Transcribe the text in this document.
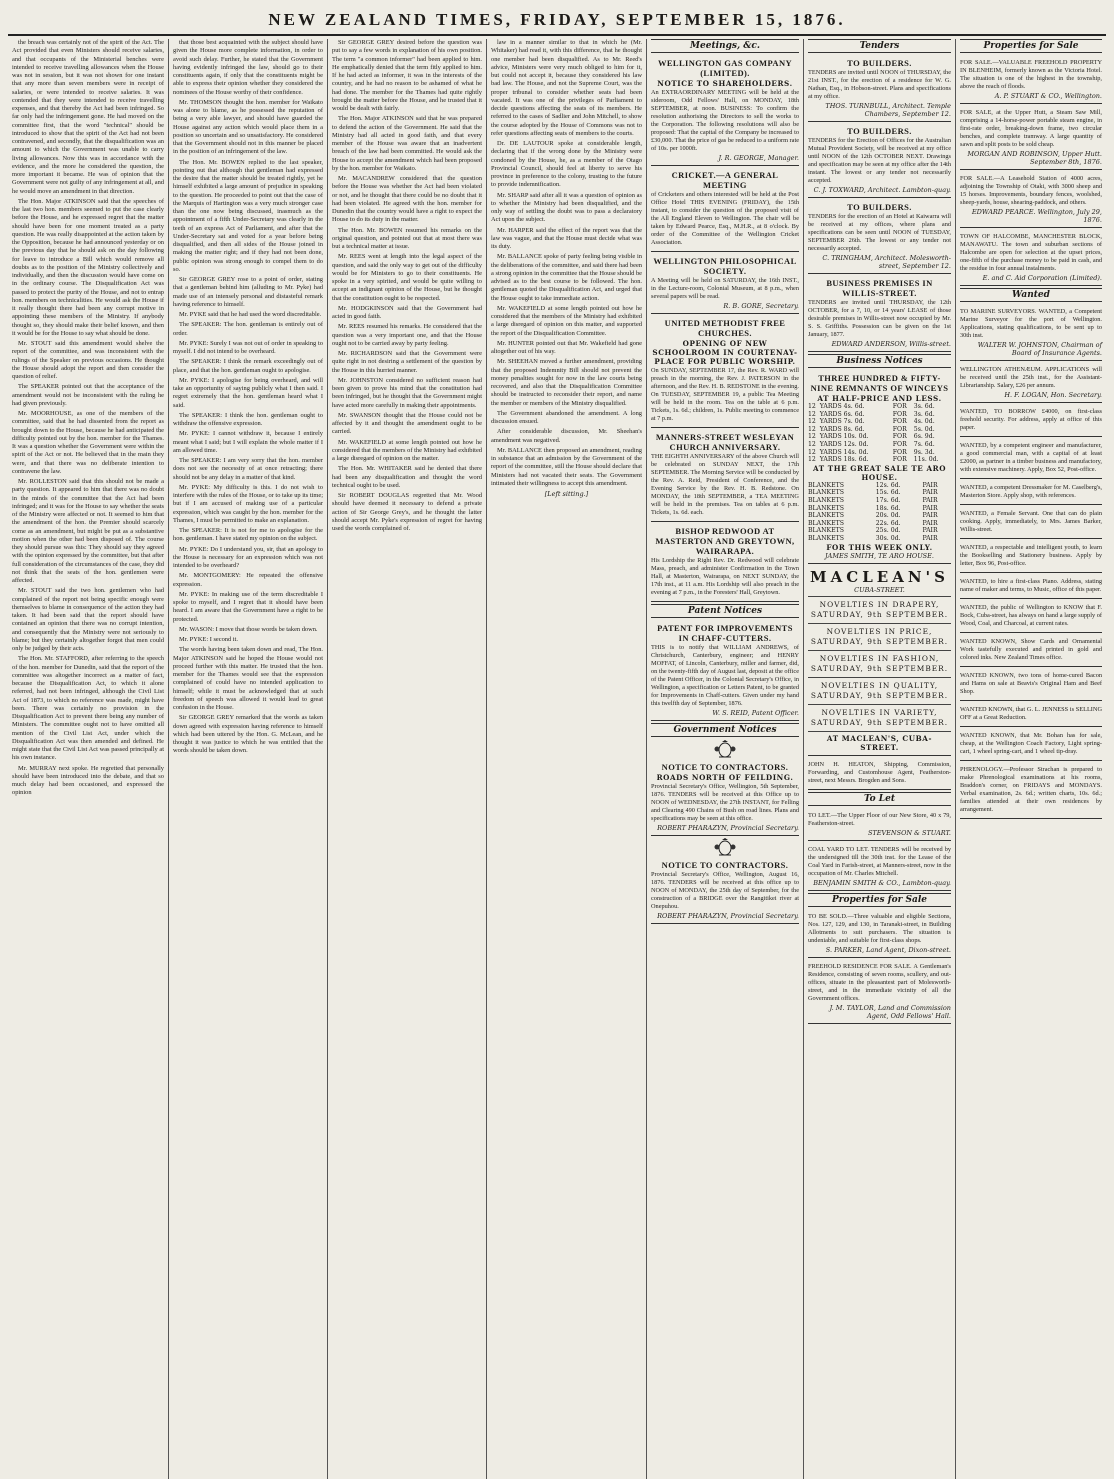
NEW ZEALAND TIMES, FRIDAY, SEPTEMBER 15, 1876.

the breach was certainly not of the spirit of the Act. The Act provided that even Ministers should receive salaries, and that occupants of the Ministerial benches were intended to receive travelling allowances when the House was not in session, but it was not shown for one instant that any more than seven members were in receipt of salaries, or were intended to receive salaries. It was contended that they were intended to receive travelling expenses, and that thereby the Act had been infringed. So far only had the infringement gone. He had moved on the committee first, that the word "technical" should be introduced to show that the spirit of the Act had not been contravened, and secondly, that the disqualification was an amount to which the Government was unable to carry living allowances. Now this was in accordance with the evidence, and the more he considered the question, the more important it became. He was of opinion that the Government were not guilty of any infringement at all, and he would move an amendment in that direction.

The Hon. Major ATKINSON said that the speeches of the last two hon. members seemed to put the case clearly before the House, and he expressed regret that the matter should have been for one moment treated as a party question. He was really disappointed at the action taken by the Opposition, because he had announced yesterday or on the previous day that he should ask on the day following for leave to introduce a Bill which would remove all doubts as to the position of the Ministry collectively and individually, and then the discussion would have come on in the ordinary course. The Disqualification Act was passed to protect the purity of the House, and not to entrap hon. members on technicalities. He would ask the House if it really thought there had been any corrupt motive in appointing these members of the Ministry. If anybody thought so, they should make their belief known, and then it would be for the House to say what should be done.

Mr. STOUT said this amendment would shelve the report of the committee, and was inconsistent with the rulings of the Speaker on previous occasions. He thought the House should adopt the report and then consider the question of relief.

The SPEAKER pointed out that the acceptance of the amendment would not be inconsistent with the ruling he had given previously.

Mr. MOORHOUSE, as one of the members of the committee, said that he had dissented from the report as brought down to the House, because he had anticipated the difficulty pointed out by the hon. member for the Thames. It was a question whether the Government were within the spirit of the Act or not. He believed that in the main they were, and that there was no deliberate intention to contravene the law.

Mr. ROLLESTON said that this should not be made a party question. It appeared to him that there was no doubt in the minds of the committee that the Act had been infringed; and it was for the House to say whether the seats of the Ministry were affected or not. It seemed to him that the amendment of the hon. the Premier should scarcely come as an amendment, but might be put as a substantive motion when the other had been disposed of. The course they should pursue was this: They should say they agreed with the opinion expressed by the committee, but that after full consideration of the circumstances of the case, they did not think that the seats of the hon. gentlemen were affected.

Mr. STOUT said the two hon. gentlemen who had complained of the report not being specific enough were themselves to blame in consequence of the action they had taken. It had been said that the report should have contained an opinion that there was no corrupt intention, and consequently that the Ministry were not seriously to blame; but they certainly altogether forgot that men could only be judged by their acts.

The Hon. Mr. STAFFORD, after referring to the speech of the hon. member for Dunedin, said that the report of the committee was altogether incorrect as a matter of fact, because the Disqualification Act, to which it alone referred, had not been infringed, although the Civil List Act of 1873, to which no reference was made, might have been. There was certainly no provision in the Disqualification Act to prevent there being any number of Ministers. The committee ought not to have omitted all mention of the Civil List Act, under which the Disqualification Act was then amended and defined. He might state that the Civil List Act was passed principally at his own instance.

Mr. MURRAY next spoke. He regretted that personally should have been introduced into the debate, and that so much delay had been occasioned, and expressed the opinion

that those best acquainted with the subject should have given the House more complete information, in order to avoid such delay. Further, he stated that the Government having evidently infringed the law, should go to their constituents again, if only that the constituents might be able to express their opinion whether they considered the nominees of the House worthy of their confidence.

Mr. THOMSON thought the hon. member for Waikato was alone to blame, as he possessed the reputation of being a very able lawyer, and should have guarded the House against any action which would place them in a position so uncertain and so unsatisfactory. He considered that the Government should not in this manner be placed in the position of an infringement of the law.

The Hon. Mr. BOWEN replied to the last speaker, pointing out that although that gentleman had expressed the desire that the matter should be treated rightly, yet he himself exhibited a large amount of prejudice in speaking to the question. He proceeded to point out that the case of the Marquis of Hartington was a very much stronger case than the one now being discussed, inasmuch as the appointment of a fifth Under-Secretary was clearly in the teeth of an express Act of Parliament, and after that the Under-Secretary sat and voted for a year before being disqualified, and then all sides of the House joined in making the matter right; and if they had not been done, public opinion was strong enough to compel them to do so.

Sir GEORGE GREY rose to a point of order, stating that a gentleman behind him (alluding to Mr. Pyke) had made use of an intensely personal and distasteful remark having reference to himself.

Mr. PYKE said that he had used the word discreditable.

The SPEAKER: The hon. gentleman is entirely out of order.

Mr. PYKE: Surely I was not out of order in speaking to myself. I did not intend to be overheard.

The SPEAKER: I think the remark exceedingly out of place, and that the hon. gentleman ought to apologise.

Mr. PYKE: I apologise for being overheard, and will take an opportunity of saying publicly what I then said. I regret extremely that the hon. gentleman heard what I said.

The SPEAKER: I think the hon. gentleman ought to withdraw the offensive expression.

Mr. PYKE: I cannot withdraw it, because I entirely meant what I said; but I will explain the whole matter if I am allowed time.

The SPEAKER: I am very sorry that the hon. member does not see the necessity of at once retracting; there should not be any delay in a matter of that kind.

Mr. PYKE: My difficulty is this. I do not wish to interfere with the rules of the House, or to take up its time; but if I am accused of making use of a particular expression, which was caught by the hon. member for the Thames, I must be permitted to make an explanation.

The SPEAKER: It is not for me to apologise for the hon. gentleman. I have stated my opinion on the subject.

Mr. PYKE: Do I understand you, sir, that an apology to the House is necessary for an expression which was not intended to be overheard?

Mr. MONTGOMERY: He repeated the offensive expression.

Mr. PYKE: In making use of the term discreditable I spoke to myself, and I regret that it should have been heard. I am aware that the Government have a right to be protected.

Mr. WASON: I move that those words be taken down.

Mr. PYKE: I second it.

The words having been taken down and read, The Hon. Major ATKINSON said he hoped the House would not proceed further with this matter. He trusted that the hon. member for the Thames would see that the expression complained of could have no intended application to himself; while it must be acknowledged that at such freedom of speech was allowed it would lead to great confusion in the House.

Sir GEORGE GREY remarked that the words as taken down agreed with expression having reference to himself which had been uttered by the Hon. G. McLean, and he thought it was justice to which he was entitled that the words should be taken down.

Sir GEORGE GREY desired before the question was put to say a few words in explanation of his own position. The term "a common informer" had been applied to him. He emphatically denied that the term fitly applied to him. If he had acted as informer, it was in the interests of the country, and he had no reason to be ashamed of what he had done. The member for the Thames had quite rightly brought the matter before the House, and he trusted that it would be dealt with fairly.

The Hon. Major ATKINSON said that he was prepared to defend the action of the Government. He said that the Ministry had all acted in good faith, and that every member of the House was aware that an inadvertent breach of the law had been committed. He would ask the House to accept the amendment which had been proposed by the hon. member for Waikato.

Mr. MACANDREW considered that the question before the House was whether the Act had been violated or not, and he thought that there could be no doubt that it had been violated. He agreed with the hon. member for Dunedin that the country would have a right to expect the House to do its duty in the matter.

The Hon. Mr. BOWEN resumed his remarks on the original question, and pointed out that at most there was but a technical matter at issue.

Mr. REES went at length into the legal aspect of the question, and said the only way to get out of the difficulty would be for Ministers to go to their constituents. He spoke in a very spirited, and would be quite willing to accept an indignant opinion of the House, but he thought that the constitution ought to be respected.

Mr. HODGKINSON said that the Government had acted in good faith.

Mr. REES resumed his remarks. He considered that the question was a very important one, and that the House ought not to be carried away by party feeling.

Mr. RICHARDSON said that the Government were quite right in not desiring a settlement of the question by the House in this hurried manner.

Mr. JOHNSTON considered no sufficient reason had been given to prove his mind that the constitution had been infringed, but he thought that the Government might have acted more carefully in making their appointments.

Mr. SWANSON thought that the House could not be affected by it and thought the amendment ought to be carried.

Mr. WAKEFIELD at some length pointed out how he considered that the members of the Ministry had exhibited a large disregard of opinion on the matter.

The Hon. Mr. WHITAKER said he denied that there had been any disqualification and thought the word technical ought to be used.

Sir ROBERT DOUGLAS regretted that Mr. Wood should have deemed it necessary to defend a private action of Sir George Grey's, and he thought the latter should accept Mr. Pyke's expression of regret for having used the words complained of.

law in a manner similar to that in which he (Mr. Whitaker) had read it, with this difference, that he thought one member had been disqualified. As to Mr. Reed's advice, Ministers were very much obliged to him for it, but could not accept it, because they considered his law bad law. The House, and not the Supreme Court, was the proper tribunal to consider whether seats had been vacated. It was one of the privileges of Parliament to decide questions affecting the seats of its members. He referred to the cases of Sadlier and John Mitchell, to show the course adopted by the House of Commons was not to refer questions affecting seats of members to the courts.

Dr. DE LAUTOUR spoke at considerable length, declaring that if the wrong done by the Ministry were condoned by the House, he, as a member of the Otago Provincial Council, should feel at liberty to serve his province in preference to the colony, trusting to the future to provide indemnification.

Mr. SHARP said after all it was a question of opinion as to whether the Ministry had been disqualified, and the only way of settling the doubt was to pass a declaratory Act upon the subject.

Mr. HARPER said the effect of the report was that the law was vague, and that the House must decide what was its duty.

Mr. BALLANCE spoke of party feeling being visible in the deliberations of the committee, and said there had been a strong opinion in the committee that the House should be advised as to the best course to be followed. The hon. gentleman quoted the Disqualification Act, and urged that the House ought to take immediate action.

Mr. WAKEFIELD at some length pointed out how he considered that the members of the Ministry had exhibited a large disregard of opinion on this matter, and supported the report of the Disqualification Committee.

Mr. HUNTER pointed out that Mr. Wakefield had gone altogether out of his way.

Mr. SHEEHAN moved a further amendment, providing that the proposed Indemnity Bill should not prevent the money penalties sought for now in the law courts being recovered, and also that the Disqualification Committee should be instructed to reconsider their report, and name the member or members of the Ministry disqualified.

The Government abandoned the amendment. A long discussion ensued.

After considerable discussion, Mr. Sheehan's amendment was negatived.

Mr. BALLANCE then proposed an amendment, reading in substance that an admission by the Government of the report of the committee, still the House should declare that Ministers had not vacated their seats. The Government intimated their willingness to accept this amendment.

[Left sitting.]
Meetings, &c.
WELLINGTON GAS COMPANY (LIMITED).
NOTICE TO SHAREHOLDERS.
An EXTRAORDINARY MEETING will be held at the sideroom, Odd Fellows' Hall, on MONDAY, 18th SEPTEMBER, at noon. BUSINESS: To confirm the resolution authorising the Directors to sell the works to the Corporation. The following resolutions will also be proposed: That the capital of the Company be increased to £30,000. That the price of gas be reduced to a uniform rate of 10s. per 1000ft.
J. R. GEORGE, Manager.
CRICKET.—A GENERAL MEETING
of Cricketers and others interested will be held at the Post Office Hotel THIS EVENING (FRIDAY), the 15th instant, to consider the question of the proposed visit of the All England Eleven to Wellington. The chair will be taken by Edward Pearce, Esq., M.H.R., at 8 o'clock. By order of the Committee of the Wellington Cricket Association.
WELLINGTON PHILOSOPHICAL SOCIETY.
A Meeting will be held on SATURDAY, the 16th INST., in the Lecture-room, Colonial Museum, at 8 p.m., when several papers will be read.
R. B. GORE, Secretary.
UNITED METHODIST FREE CHURCHES.
OPENING OF NEW SCHOOLROOM IN COURTENAY-PLACE FOR PUBLIC WORSHIP.
On SUNDAY, SEPTEMBER 17, the Rev. R. WARD will preach in the morning, the Rev. J. PATERSON in the afternoon, and the Rev. H. B. REDSTONE in the evening. On TUESDAY, SEPTEMBER 19, a public Tea Meeting will be held in the room. Tea on the table at 6 p.m. Tickets, 1s. 6d.; children, 1s. Public meeting to commence at 7 p.m.
MANNERS-STREET WESLEYAN CHURCH ANNIVERSARY.
THE EIGHTH ANNIVERSARY of the above Church will be celebrated on SUNDAY NEXT, the 17th SEPTEMBER. The Morning Service will be conducted by the Rev. A. Reid, President of Conference, and the Evening Service by the Rev. H. B. Redstone. On MONDAY, the 18th SEPTEMBER, a TEA MEETING will be held in the premises. Tea on tables at 6 p.m. Tickets, 1s. 6d. each.
BISHOP REDWOOD AT MASTERTON AND GREYTOWN, WAIRARAPA.
His Lordship the Right Rev. Dr. Redwood will celebrate Mass, preach, and administer Confirmation in the Town Hall, at Masterton, Wairarapa, on NEXT SUNDAY, the 17th inst., at 11 a.m. His Lordship will also preach in the evening at 7 p.m., in the Foresters' Hall, Greytown.
Patent Notices
PATENT FOR IMPROVEMENTS IN CHAFF-CUTTERS.
THIS is to notify that WILLIAM ANDREWS, of Christchurch, Canterbury, engineer; and HENRY MOFFAT, of Lincoln, Canterbury, miller and farmer, did, on the twenty-fifth day of August last, deposit at the office of the Patent Officer, in the Colonial Secretary's Office, in Wellington, a specification or Letters Patent, to be granted for Improvements in Chaff-cutters. Given under my hand this twelfth day of September, 1876.
W. S. REID, Patent Officer.
Government Notices
NOTICE TO CONTRACTORS.
ROADS NORTH OF FEILDING.
Provincial Secretary's Office, Wellington, 5th September, 1876. TENDERS will be received at this Office up to NOON of WEDNESDAY, the 27th INSTANT, for Felling and Clearing 490 Chains of Bush on road lines. Plans and specifications may be seen at this office.
ROBERT PHARAZYN, Provincial Secretary.
NOTICE TO CONTRACTORS.
Provincial Secretary's Office, Wellington, August 16, 1876. TENDERS will be received at this office up to NOON of MONDAY, the 25th day of September, for the construction of a BRIDGE over the Rangitikei river at Onepuhou.
ROBERT PHARAZYN, Provincial Secretary.
Tenders
TO BUILDERS.
TENDERS are invited until NOON of THURSDAY, the 21st INST., for the erection of a residence for W. G. Nathan, Esq., in Hobson-street. Plans and specifications at my office.
THOS. TURNBULL, Architect. Temple Chambers, September 12.
TO BUILDERS.
TENDERS for the Erection of Offices for the Australian Mutual Provident Society, will be received at my office until NOON of the 12th OCTOBER NEXT. Drawings and specification may be seen at my office after the 14th instant. The lowest or any tender not necessarily accepted.
C. J. TOXWARD, Architect. Lambton-quay.
TO BUILDERS.
TENDERS for the erection of an Hotel at Kaiwarra will be received at my offices, where plans and specifications can be seen until NOON of TUESDAY, SEPTEMBER 26th. The lowest or any tender not necessarily accepted.
C. TRINGHAM, Architect. Molesworth-street, September 12.
BUSINESS PREMISES IN WILLIS-STREET.
TENDERS are invited until THURSDAY, the 12th OCTOBER, for a 7, 10, or 14 years' LEASE of those desirable premises in Willis-street now occupied by Mr. S. S. Griffiths. Possession can be given on the 1st January, 1877.
EDWARD ANDERSON, Willis-street.
Business Notices
THREE HUNDRED & FIFTY-NINE REMNANTS OF WINCEYS
AT HALF-PRICE AND LESS.
12	YARDS 4s. 6d.	FOR	3s. 6d.
12	YARDS 6s. 6d.	FOR	3s. 6d.
12	YARDS 7s. 0d.	FOR	4s. 0d.
12	YARDS 8s. 6d.	FOR	5s. 0d.
12	YARDS 10s. 0d.	FOR	6s. 9d.
12	YARDS 12s. 0d.	FOR	7s. 6d.
12	YARDS 14s. 0d.	FOR	9s. 3d.
12	YARDS 18s. 6d.	FOR	11s. 0d.
AT THE GREAT SALE TE ARO HOUSE.
BLANKETS	12s. 6d.	PAIR
BLANKETS	15s. 6d.	PAIR
BLANKETS	17s. 6d.	PAIR
BLANKETS	18s. 6d.	PAIR
BLANKETS	20s. 0d.	PAIR
BLANKETS	22s. 6d.	PAIR
BLANKETS	25s. 0d.	PAIR
BLANKETS	30s. 0d.	PAIR
FOR THIS WEEK ONLY.
JAMES SMITH, TE ARO HOUSE.
MACLEAN'S
CUBA-STREET.
NOVELTIES IN DRAPERY, SATURDAY, 9th SEPTEMBER.
NOVELTIES IN PRICE, SATURDAY, 9th SEPTEMBER.
NOVELTIES IN FASHION, SATURDAY, 9th SEPTEMBER.
NOVELTIES IN QUALITY, SATURDAY, 9th SEPTEMBER.
NOVELTIES IN VARIETY, SATURDAY, 9th SEPTEMBER.
AT MACLEAN'S, CUBA-STREET.
JOHN H. HEATON, Shipping, Commission, Forwarding, and Customhouse Agent, Featherston-street, next Messrs. Brogden and Sons.
To Let
TO LET.—The Upper Floor of our New Store, 40 x 79, Featherston-street.
STEVENSON & STUART.
COAL YARD TO LET. TENDERS will be received by the undersigned till the 30th inst. for the Lease of the Coal Yard in Farish-street, at Manners-street, now in the occupation of Mr. Charles Mitchell.
BENJAMIN SMITH & CO., Lambton-quay.
Properties for Sale
TO BE SOLD.—Three valuable and eligible Sections, Nos. 127, 129, and 130, in Taranaki-street, in Building Allotments to suit purchasers. The situation is undeniable, and suitable for first-class shops.
S. PARKER, Land Agent, Dixon-street.
FREEHOLD RESIDENCE FOR SALE. A Gentleman's Residence, consisting of seven rooms, scullery, and out-offices, situate in the pleasantest part of Molesworth-street, and in the immediate vicinity of all the Government offices.
J. M. TAYLOR, Land and Commission Agent, Odd Fellows' Hall.
Properties for Sale
FOR SALE.—VALUABLE FREEHOLD PROPERTY IN BLENHEIM, formerly known as the Victoria Hotel. The situation is one of the highest in the township, above the reach of floods.
A. P. STUART & CO., Wellington.
FOR SALE, at the Upper Hutt, a Steam Saw Mill, comprising a 14-horse-power portable steam engine, in first-rate order, breaking-down frame, two circular benches, and complete tramway. A large quantity of sawn and split posts to be sold cheap.
MORGAN AND ROBINSON, Upper Hutt. September 8th, 1876.
FOR SALE.—A Leasehold Station of 4000 acres, adjoining the Township of Otaki, with 3000 sheep and 15 horses. Improvements, boundary fences, woolshed, sheep-yards, house, shearing-paddock, and others.
EDWARD PEARCE. Wellington, July 29, 1876.
TOWN OF HALCOMBE, MANCHESTER BLOCK, MANAWATU. The town and suburban sections of Halcombe are open for selection at the upset prices, one-fifth of the purchase money to be paid in cash, and the residue in four annual instalments.
E. and C. Aid Corporation (Limited).
Wanted
TO MARINE SURVEYORS. WANTED, a Competent Marine Surveyor for the port of Wellington. Applications, stating qualifications, to be sent up to 30th inst.
WALTER W. JOHNSTON, Chairman of Board of Insurance Agents.
WELLINGTON ATHENÆUM. APPLICATIONS will be received until the 25th inst., for the Assistant-Librarianship. Salary, £26 per annum.
H. F. LOGAN, Hon. Secretary.
WANTED, TO BORROW £4000, on first-class freehold security. For address, apply at office of this paper.
WANTED, by a competent engineer and manufacturer, a good commercial man, with a capital of at least £2000, as partner in a timber business and manufactory, with extensive machinery. Apply, Box 52, Post-office.
WANTED, a competent Dressmaker for M. Caselberg's, Masterton Store. Apply shop, with references.
WANTED, a Female Servant. One that can do plain cooking. Apply, immediately, to Mrs. James Barker, Willis-street.
WANTED, a respectable and intelligent youth, to learn the Bookselling and Stationery business. Apply by letter, Box 96, Post-office.
WANTED, to hire a first-class Piano. Address, stating name of maker and terms, to Music, office of this paper.
WANTED, the public of Wellington to KNOW that F. Bock, Cuba-street, has always on hand a large supply of Wood, Coal, and Charcoal, at current rates.
WANTED KNOWN, Show Cards and Ornamental Work tastefully executed and printed in gold and colored inks. New Zealand Times office.
WANTED KNOWN, two tons of home-cured Bacon and Hams on sale at Beavis's Original Ham and Beef Shop.
WANTED KNOWN, that G. L. JENNESS is SELLING OFF at a Great Reduction.
WANTED KNOWN, that Mr. Bohan has for sale, cheap, at the Wellington Coach Factory, Light spring-cart, 1 wheel spring-cart, and 1 wheel tip-dray.
PHRENOLOGY.—Professor Strachan is prepared to make Phrenological examinations at his rooms, Braddon's corner, on FRIDAYS and MONDAYS. Verbal examination, 2s. 6d.; written charts, 10s. 6d.; families attended at their own residences by arrangement.
